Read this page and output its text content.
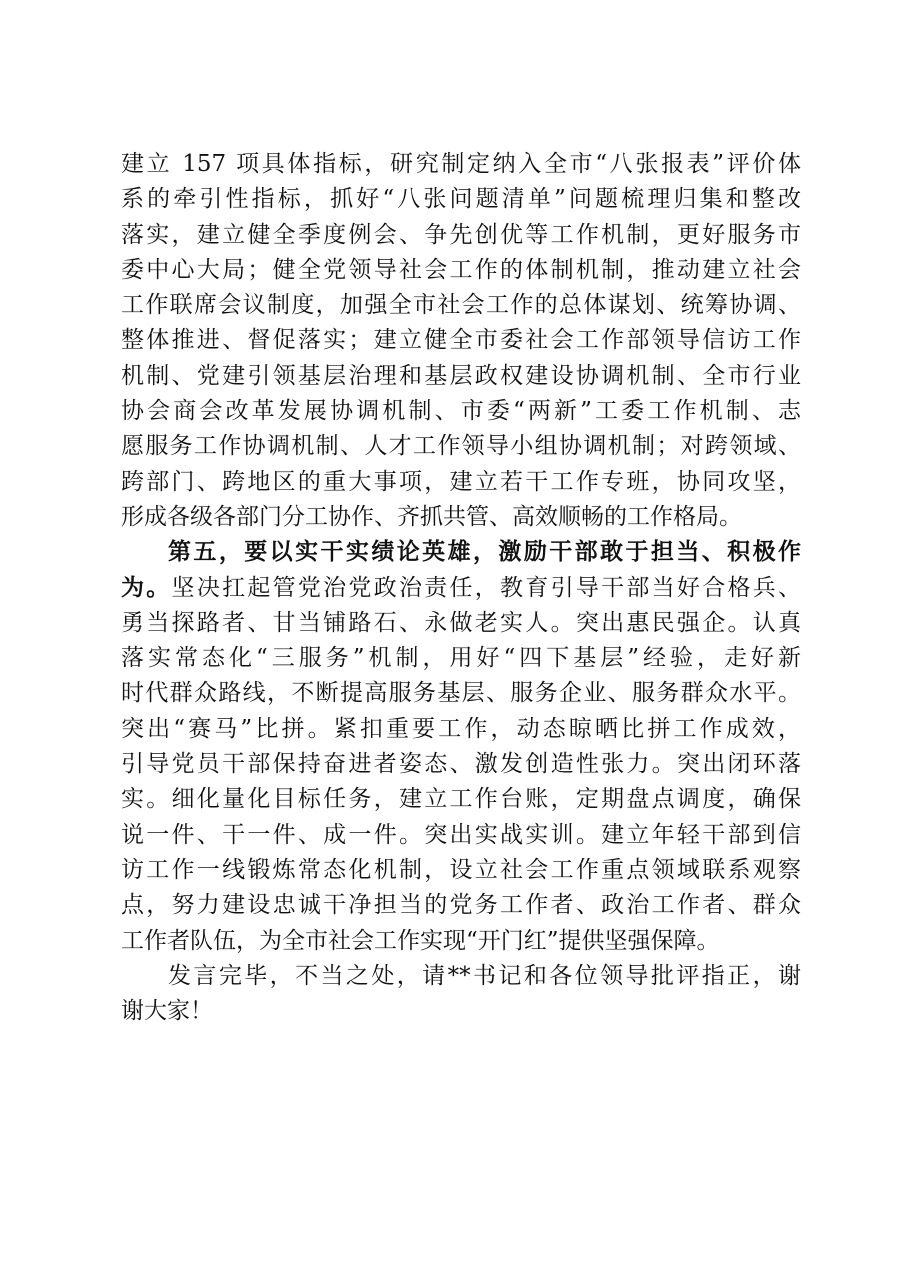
建立 157 项具体指标，研究制定纳入全市“八张报表”评价体
系的牵引性指标，抓好“八张问题清单”问题梳理归集和整改
落实，建立健全季度例会、争先创优等工作机制，更好服务市
委中心大局；健全党领导社会工作的体制机制，推动建立社会
工作联席会议制度，加强全市社会工作的总体谋划、统筹协调、
整体推进、督促落实；建立健全市委社会工作部领导信访工作
机制、党建引领基层治理和基层政权建设协调机制、全市行业
协会商会改革发展协调机制、市委“两新”工委工作机制、志
愿服务工作协调机制、人才工作领导小组协调机制；对跨领域、
跨部门、跨地区的重大事项，建立若干工作专班，协同攻坚，
形成各级各部门分工协作、齐抓共管、高效顺畅的工作格局。
第五，要以实干实绩论英雄，激励干部敢于担当、积极作
为。坚决扛起管党治党政治责任，教育引导干部当好合格兵、
勇当探路者、甘当铺路石、永做老实人。突出惠民强企。认真
落实常态化“三服务”机制，用好“四下基层”经验，走好新
时代群众路线，不断提高服务基层、服务企业、服务群众水平。
突出“赛马”比拼。紧扣重要工作，动态晾晒比拼工作成效，
引导党员干部保持奋进者姿态、激发创造性张力。突出闭环落
实。细化量化目标任务，建立工作台账，定期盘点调度，确保
说一件、干一件、成一件。突出实战实训。建立年轻干部到信
访工作一线锻炼常态化机制，设立社会工作重点领域联系观察
点，努力建设忠诚干净担当的党务工作者、政治工作者、群众
工作者队伍，为全市社会工作实现“开门红”提供坚强保障。
发言完毕，不当之处，请**书记和各位领导批评指正，谢
谢大家！
